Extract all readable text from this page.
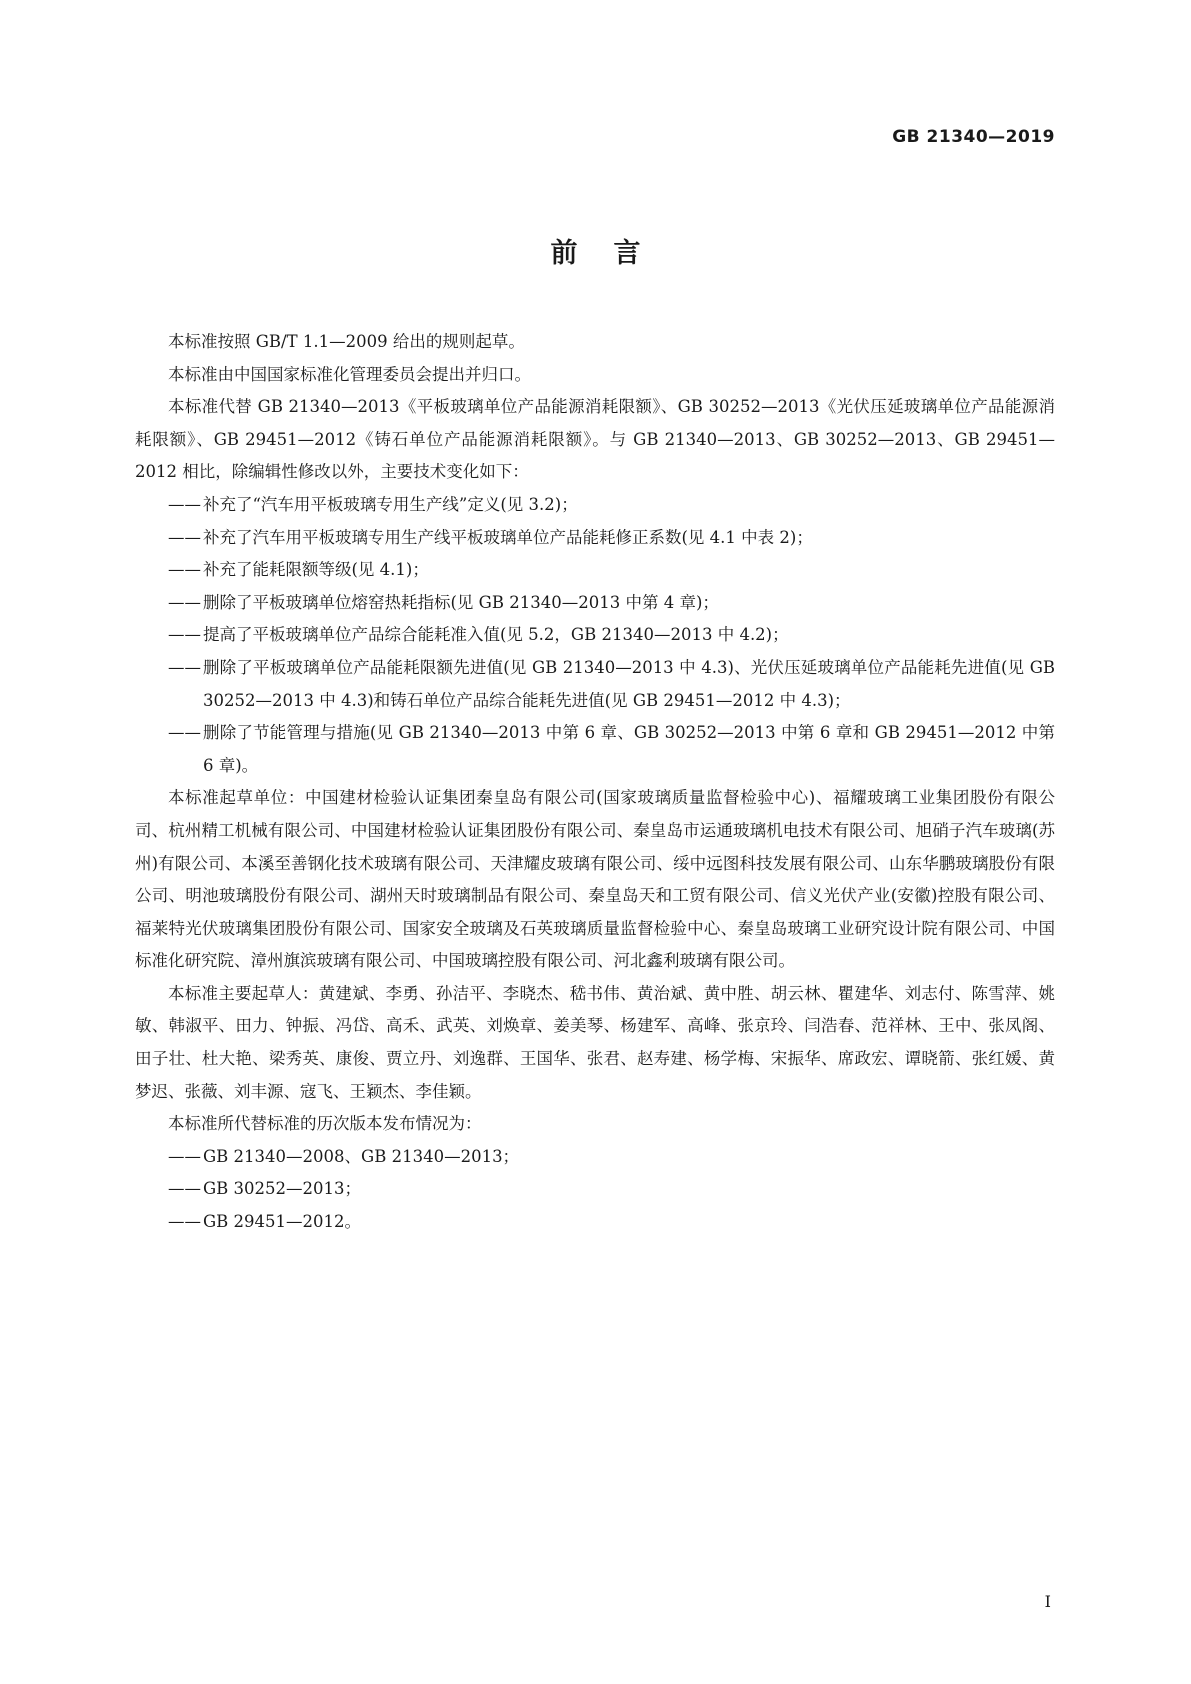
GB 21340—2019
前言

本标准按照 GB/T 1.1—2009 给出的规则起草。

本标准由中国国家标准化管理委员会提出并归口。

本标准代替 GB 21340—2013《平板玻璃单位产品能源消耗限额》、GB 30252—2013《光伏压延玻璃单位产品能源消耗限额》、GB 29451—2012《铸石单位产品能源消耗限额》。与 GB 21340—2013、GB 30252—2013、GB 29451—2012 相比，除编辑性修改以外，主要技术变化如下：

—— 补充了“汽车用平板玻璃专用生产线”定义(见 3.2)；

—— 补充了汽车用平板玻璃专用生产线平板玻璃单位产品能耗修正系数(见 4.1 中表 2)；

—— 补充了能耗限额等级(见 4.1)；

—— 删除了平板玻璃单位熔窑热耗指标(见 GB 21340—2013 中第 4 章)；

—— 提高了平板玻璃单位产品综合能耗准入值(见 5.2，GB 21340—2013 中 4.2)；

—— 删除了平板玻璃单位产品能耗限额先进值(见 GB 21340—2013 中 4.3)、光伏压延玻璃单位产品能耗先进值(见 GB 30252—2013 中 4.3)和铸石单位产品综合能耗先进值(见 GB 29451—2012 中 4.3)；

—— 删除了节能管理与措施(见 GB 21340—2013 中第 6 章、GB 30252—2013 中第 6 章和 GB 29451—2012 中第 6 章)。

本标准起草单位：中国建材检验认证集团秦皇岛有限公司(国家玻璃质量监督检验中心)、福耀玻璃工业集团股份有限公司、杭州精工机械有限公司、中国建材检验认证集团股份有限公司、秦皇岛市运通玻璃机电技术有限公司、旭硝子汽车玻璃(苏州)有限公司、本溪至善钢化技术玻璃有限公司、天津耀皮玻璃有限公司、绥中远图科技发展有限公司、山东华鹏玻璃股份有限公司、明池玻璃股份有限公司、湖州天时玻璃制品有限公司、秦皇岛天和工贸有限公司、信义光伏产业(安徽)控股有限公司、福莱特光伏玻璃集团股份有限公司、国家安全玻璃及石英玻璃质量监督检验中心、秦皇岛玻璃工业研究设计院有限公司、中国标准化研究院、漳州旗滨玻璃有限公司、中国玻璃控股有限公司、河北鑫利玻璃有限公司。

本标准主要起草人：黄建斌、李勇、孙洁平、李晓杰、嵇书伟、黄治斌、黄中胜、胡云林、瞿建华、刘志付、陈雪萍、姚敏、韩淑平、田力、钟振、冯岱、高禾、武英、刘焕章、姜美琴、杨建军、高峰、张京玲、闫浩春、范祥林、王中、张凤阁、田子壮、杜大艳、梁秀英、康俊、贾立丹、刘逸群、王国华、张君、赵寿建、杨学梅、宋振华、席政宏、谭晓箭、张红媛、黄梦迟、张薇、刘丰源、寇飞、王颖杰、李佳颖。

本标准所代替标准的历次版本发布情况为：

—— GB 21340—2008、GB 21340—2013；

—— GB 30252—2013；

—— GB 29451—2012。

I
